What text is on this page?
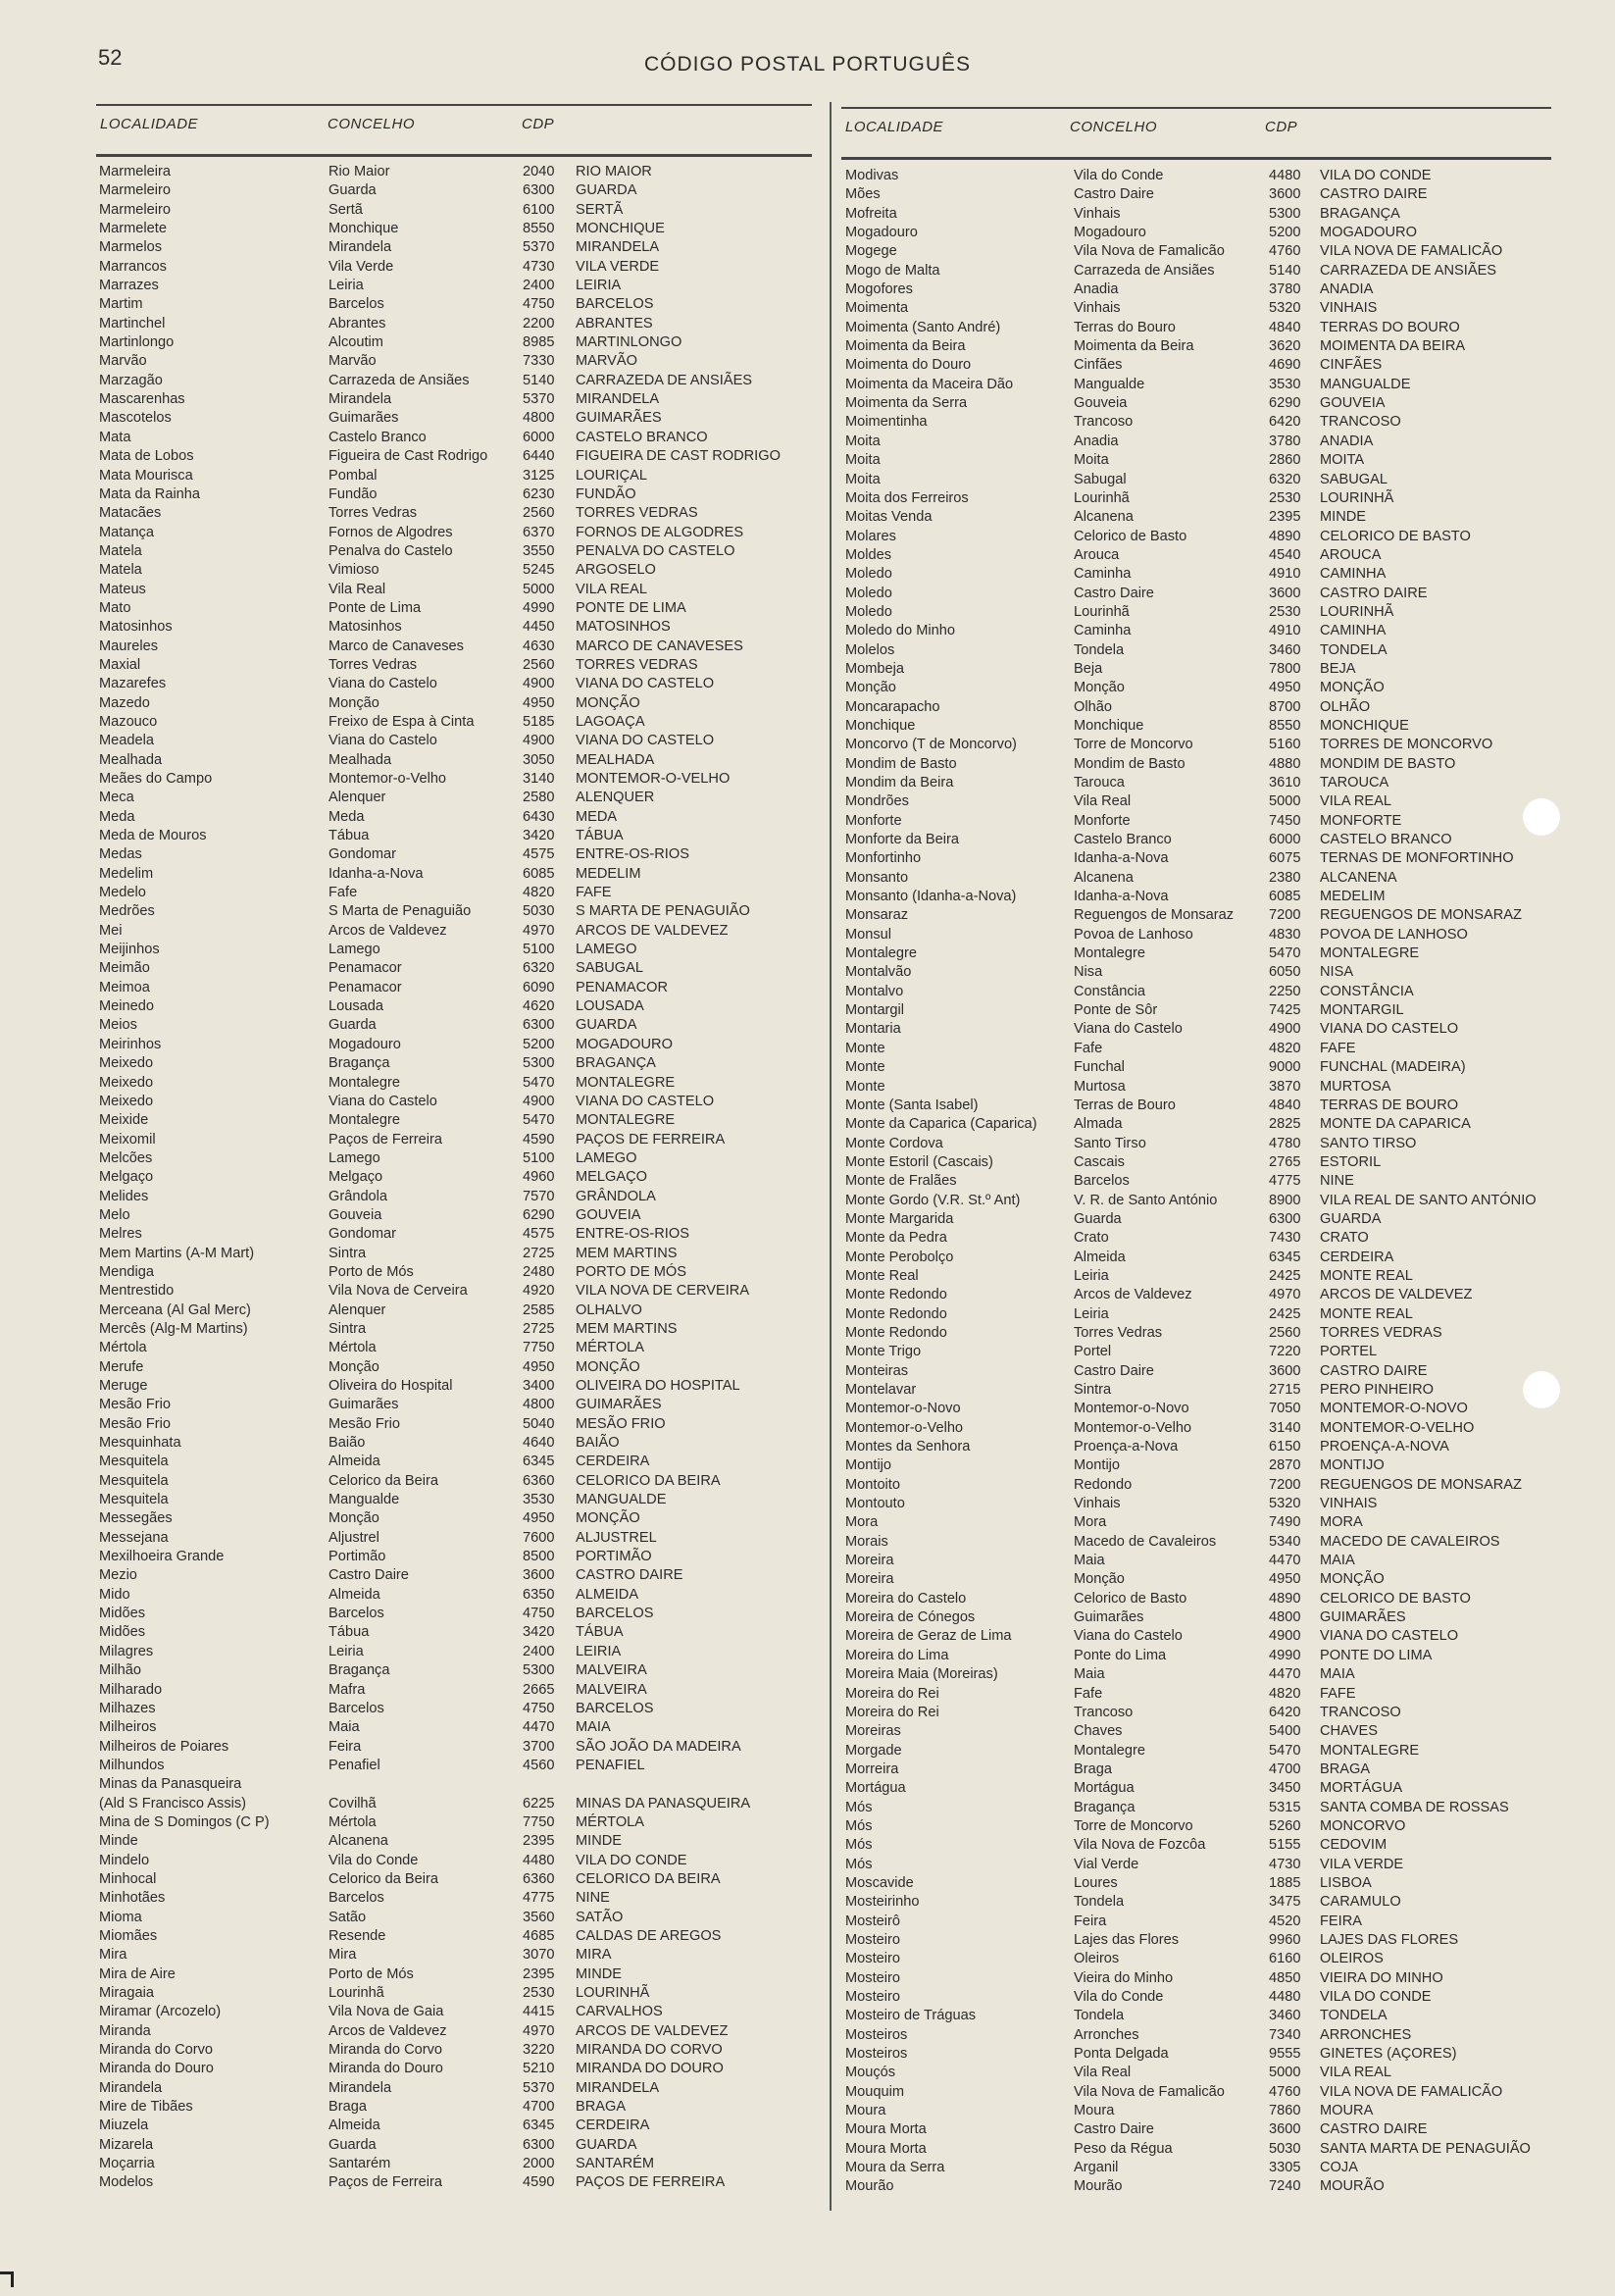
52	CÓDIGO POSTAL PORTUGUÊS
LOCALIDADE	CONCELHO	CDP	LOCALIDADE	CONCELHO	CDP
Marmeleira	Rio Maior	2040 RIO MAIOR
Marmeleiro	Guarda	6300 GUARDA
Marmeleiro	Sertã	6100 SERTÃ
Marmelete	Monchique	8550 MONCHIQUE
Marmelos	Mirandela	5370 MIRANDELA
Marrancos	Vila Verde	4730 VILA VERDE
Marrazes	Leiria	2400 LEIRIA
Martim	Barcelos	4750 BARCELOS
Martinchel	Abrantes	2200 ABRANTES
Martinlongo	Alcoutim	8985 MARTINLONGO
Marvão	Marvão	7330 MARVÃO
Marzagão	Carrazeda de Ansiães	5140 CARRAZEDA DE ANSIÃES
Mascarenhas	Mirandela	5370 MIRANDELA
Mascotelos	Guimarães	4800 GUIMARÃES
Mata	Castelo Branco	6000 CASTELO BRANCO
Mata de Lobos	Figueira de Cast Rodrigo 6440 FIGUEIRA DE CAST RODRIGO
Mata Mourisca	Pombal	3125 LOURIÇAL
Mata da Rainha	Fundão	6230 FUNDÃO
Matacães	Torres Vedras	2560 TORRES VEDRAS
Matança	Fornos de Algodres	6370 FORNOS DE ALGODRES
Matela	Penalva do Castelo	3550 PENALVA DO CASTELO
Matela	Vimioso	5245 ARGOSELO
Mateus	Vila Real	5000 VILA REAL
Mato	Ponte de Lima	4990 PONTE DE LIMA
Matosinhos	Matosinhos	4450 MATOSINHOS
Maureles	Marco de Canaveses	4630 MARCO DE CANAVESES
Maxial	Torres Vedras	2560 TORRES VEDRAS
Mazarefes	Viana do Castelo	4900 VIANA DO CASTELO
Mazedo	Monção	4950 MONÇÃO
Mazouco	Freixo de Espa à Cinta	5185 LAGOAÇA
Meadela	Viana do Castelo	4900 VIANA DO CASTELO
Mealhada	Mealhada	3050 MEALHADA
Meães do Campo	Montemor-o-Velho	3140 MONTEMOR-O-VELHO
Meca	Alenquer	2580 ALENQUER
Meda	Meda	6430 MEDA
Meda de Mouros	Tábua	3420 TÁBUA
Medas	Gondomar	4575 ENTRE-OS-RIOS
Medelim	Idanha-a-Nova	6085 MEDELIM
Medelo	Fafe	4820 FAFE
Medrões	S Marta de Penaguião	5030 S MARTA DE PENAGUIÃO
Mei	Arcos de Valdevez	4970 ARCOS DE VALDEVEZ
Meijinhos	Lamego	5100 LAMEGO
Meimão	Penamacor	6320 SABUGAL
Meimoa	Penamacor	6090 PENAMACOR
Meinedo	Lousada	4620 LOUSADA
Meios	Guarda	6300 GUARDA
Meirinhos	Mogadouro	5200 MOGADOURO
Meixedo	Bragança	5300 BRAGANÇA
Meixedo	Montalegre	5470 MONTALEGRE
Meixedo	Viana do Castelo	4900 VIANA DO CASTELO
Meixide	Montalegre	5470 MONTALEGRE
Meixomil	Paços de Ferreira	4590 PAÇOS DE FERREIRA
Melcões	Lamego	5100 LAMEGO
Melgaço	Melgaço	4960 MELGAÇO
Melides	Grândola	7570 GRÂNDOLA
Melo	Gouveia	6290 GOUVEIA
Melres	Gondomar	4575 ENTRE-OS-RIOS
Mem Martins (A-M Mart)	Sintra	2725 MEM MARTINS
Mendiga	Porto de Mós	2480 PORTO DE MÓS
Mentrestido	Vila Nova de Cerveira	4920 VILA NOVA DE CERVEIRA
Merceana (Al Gal Merc)	Alenquer	2585 OLHALVO
Mercês (Alg-M Martins)	Sintra	2725 MEM MARTINS
Mértola	Mértola	7750 MÉRTOLA
Merufe	Monção	4950 MONÇÃO
Meruge	Oliveira do Hospital	3400 OLIVEIRA DO HOSPITAL
Mesão Frio	Guimarães	4800 GUIMARÃES
Mesão Frio	Mesão Frio	5040 MESÃO FRIO
Mesquinhata	Baião	4640 BAIÃO
Mesquitela	Almeida	6345 CERDEIRA
Mesquitela	Celorico da Beira	6360 CELORICO DA BEIRA
Mesquitela	Mangualde	3530 MANGUALDE
Messegães	Monção	4950 MONÇÃO
Messejana	Aljustrel	7600 ALJUSTREL
Mexilhoeira Grande	Portimão	8500 PORTIMÃO
Mezio	Castro Daire	3600 CASTRO DAIRE
Mido	Almeida	6350 ALMEIDA
Midões	Barcelos	4750 BARCELOS
Midões	Tábua	3420 TÁBUA
Milagres	Leiria	2400 LEIRIA
Milhão	Bragança	5300 MALVEIRA
Milharado	Mafra	2665 MALVEIRA
Milhazes	Barcelos	4750 BARCELOS
Milheiros	Maia	4470 MAIA
Milheiros de Poiares	Feira	3700 SÃO JOÃO DA MADEIRA
Milhundos	Penafiel	4560 PENAFIEL
Minas da Panasqueira
(Ald S Francisco Assis)	Covilhã	6225 MINAS DA PANASQUEIRA
Mina de S Domingos (C P)	Mértola	7750 MÉRTOLA
Minde	Alcanena	2395 MINDE
Mindelo	Vila do Conde	4480 VILA DO CONDE
Minhocal	Celorico da Beira	6360 CELORICO DA BEIRA
Minhotães	Barcelos	4775 NINE
Mioma	Satão	3560 SATÃO
Miomães	Resende	4685 CALDAS DE AREGOS
Mira	Mira	3070 MIRA
Mira de Aire	Porto de Mós	2395 MINDE
Miragaia	Lourinhã	2530 LOURINHÃ
Miramar (Arcozelo)	Vila Nova de Gaia	4415 CARVALHOS
Miranda	Arcos de Valdevez	4970 ARCOS DE VALDEVEZ
Miranda do Corvo	Miranda do Corvo	3220 MIRANDA DO CORVO
Miranda do Douro	Miranda do Douro	5210 MIRANDA DO DOURO
Mirandela	Mirandela	5370 MIRANDELA
Mire de Tibães	Braga	4700 BRAGA
Miuzela	Almeida	6345 CERDEIRA
Mizarela	Guarda	6300 GUARDA
Moçarria	Santarém	2000 SANTARÉM
Modelos	Paços de Ferreira	4590 PAÇOS DE FERREIRA
Modivas	Vila do Conde	4480 VILA DO CONDE
Mões	Castro Daire	3600 CASTRO DAIRE
Mofreita	Vinhais	5300 BRAGANÇA
Mogadouro	Mogadouro	5200 MOGADOURO
Mogege	Vila Nova de Famalicão	4760 VILA NOVA DE FAMALICÃO
Mogo de Malta	Carrazeda de Ansiães	5140 CARRAZEDA DE ANSIÃES
Mogofores	Anadia	3780 ANADIA
Moimenta	Vinhais	5320 VINHAIS
Moimenta (Santo André)	Terras do Bouro	4840 TERRAS DO BOURO
Moimenta da Beira	Moimenta da Beira	3620 MOIMENTA DA BEIRA
Moimenta do Douro	Cinfães	4690 CINFÃES
Moimenta da Maceira Dão	Mangualde	3530 MANGUALDE
Moimenta da Serra	Gouveia	6290 GOUVEIA
Moimentinha	Trancoso	6420 TRANCOSO
Moita	Anadia	3780 ANADIA
Moita	Moita	2860 MOITA
Moita	Sabugal	6320 SABUGAL
Moita dos Ferreiros	Lourinhã	2530 LOURINHÃ
Moitas Venda	Alcanena	2395 MINDE
Molares	Celorico de Basto	4890 CELORICO DE BASTO
Moldes	Arouca	4540 AROUCA
Moledo	Caminha	4910 CAMINHA
Moledo	Castro Daire	3600 CASTRO DAIRE
Moledo	Lourinhã	2530 LOURINHÃ
Moledo do Minho	Caminha	4910 CAMINHA
Molelos	Tondela	3460 TONDELA
Mombeja	Beja	7800 BEJA
Monção	Monção	4950 MONÇÃO
Moncarapacho	Olhão	8700 OLHÃO
Monchique	Monchique	8550 MONCHIQUE
Moncorvo (T de Moncorvo)	Torre de Moncorvo	5160 TORRES DE MONCORVO
Mondim de Basto	Mondim de Basto	4880 MONDIM DE BASTO
Mondim da Beira	Tarouca	3610 TAROUCA
Mondrões	Vila Real	5000 VILA REAL
Monforte	Monforte	7450 MONFORTE
Monforte da Beira	Castelo Branco	6000 CASTELO BRANCO
Monfortinho	Idanha-a-Nova	6075 TERNAS DE MONFORTINHO
Monsanto	Alcanena	2380 ALCANENA
Monsanto (Idanha-a-Nova)	Idanha-a-Nova	6085 MEDELIM
Monsaraz	Reguengos de Monsaraz 7200 REGUENGOS DE MONSARAZ
Monsul	Povoa de Lanhoso	4830 POVOA DE LANHOSO
Montalegre	Montalegre	5470 MONTALEGRE
Montalvão	Nisa	6050 NISA
Montalvo	Constância	2250 CONSTÂNCIA
Montargil	Ponte de Sôr	7425 MONTARGIL
Montaria	Viana do Castelo	4900 VIANA DO CASTELO
Monte	Fafe	4820 FAFE
Monte	Funchal	9000 FUNCHAL (MADEIRA)
Monte	Murtosa	3870 MURTOSA
Monte (Santa Isabel)	Terras de Bouro	4840 TERRAS DE BOURO
Monte da Caparica (Caparica)	Almada	2825 MONTE DA CAPARICA
Monte Cordova	Santo Tirso	4780 SANTO TIRSO
Monte Estoril (Cascais)	Cascais	2765 ESTORIL
Monte de Fralães	Barcelos	4775 NINE
Monte Gordo (V.R. St.º Ant)	V. R. de Santo António	8900 VILA REAL DE SANTO ANTÓNIO
Monte Margarida	Guarda	6300 GUARDA
Monte da Pedra	Crato	7430 CRATO
Monte Perobolço	Almeida	6345 CERDEIRA
Monte Real	Leiria	2425 MONTE REAL
Monte Redondo	Arcos de Valdevez	4970 ARCOS DE VALDEVEZ
Monte Redondo	Leiria	2425 MONTE REAL
Monte Redondo	Torres Vedras	2560 TORRES VEDRAS
Monte Trigo	Portel	7220 PORTEL
Monteiras	Castro Daire	3600 CASTRO DAIRE
Montelavar	Sintra	2715 PERO PINHEIRO
Montemor-o-Novo	Montemor-o-Novo	7050 MONTEMOR-O-NOVO
Montemor-o-Velho	Montemor-o-Velho	3140 MONTEMOR-O-VELHO
Montes da Senhora	Proença-a-Nova	6150 PROENÇA-A-NOVA
Montijo	Montijo	2870 MONTIJO
Montoito	Redondo	7200 REGUENGOS DE MONSARAZ
Montouto	Vinhais	5320 VINHAIS
Mora	Mora	7490 MORA
Morais	Macedo de Cavaleiros	5340 MACEDO DE CAVALEIROS
Moreira	Maia	4470 MAIA
Moreira	Monção	4950 MONÇÃO
Moreira do Castelo	Celorico de Basto	4890 CELORICO DE BASTO
Moreira de Cónegos	Guimarães	4800 GUIMARÃES
Moreira de Geraz de Lima	Viana do Castelo	4900 VIANA DO CASTELO
Moreira do Lima	Ponte do Lima	4990 PONTE DO LIMA
Moreira Maia (Moreiras)	Maia	4470 MAIA
Moreira do Rei	Fafe	4820 FAFE
Moreira do Rei	Trancoso	6420 TRANCOSO
Moreiras	Chaves	5400 CHAVES
Morgade	Montalegre	5470 MONTALEGRE
Morreira	Braga	4700 BRAGA
Mortágua	Mortágua	3450 MORTÁGUA
Mós	Bragança	5315 SANTA COMBA DE ROSSAS
Mós	Torre de Moncorvo	5260 MONCORVO
Mós	Vila Nova de Fozcôa	5155 CEDOVIM
Mós	Vial Verde	4730 VILA VERDE
Moscavide	Loures	1885 LISBOA
Mosteirinho	Tondela	3475 CARAMULO
Mosteirô	Feira	4520 FEIRA
Mosteiro	Lajes das Flores	9960 LAJES DAS FLORES
Mosteiro	Oleiros	6160 OLEIROS
Mosteiro	Vieira do Minho	4850 VIEIRA DO MINHO
Mosteiro	Vila do Conde	4480 VILA DO CONDE
Mosteiro de Tráguas	Tondela	3460 TONDELA
Mosteiros	Arronches	7340 ARRONCHES
Mosteiros	Ponta Delgada	9555 GINETES (AÇORES)
Mouçós	Vila Real	5000 VILA REAL
Mouquim	Vila Nova de Famalicão	4760 VILA NOVA DE FAMALICÃO
Moura	Moura	7860 MOURA
Moura Morta	Castro Daire	3600 CASTRO DAIRE
Moura Morta	Peso da Régua	5030 SANTA MARTA DE PENAGUIÃO
Moura da Serra	Arganil	3305 COJA
Mourão	Mourão	7240 MOURÃO
